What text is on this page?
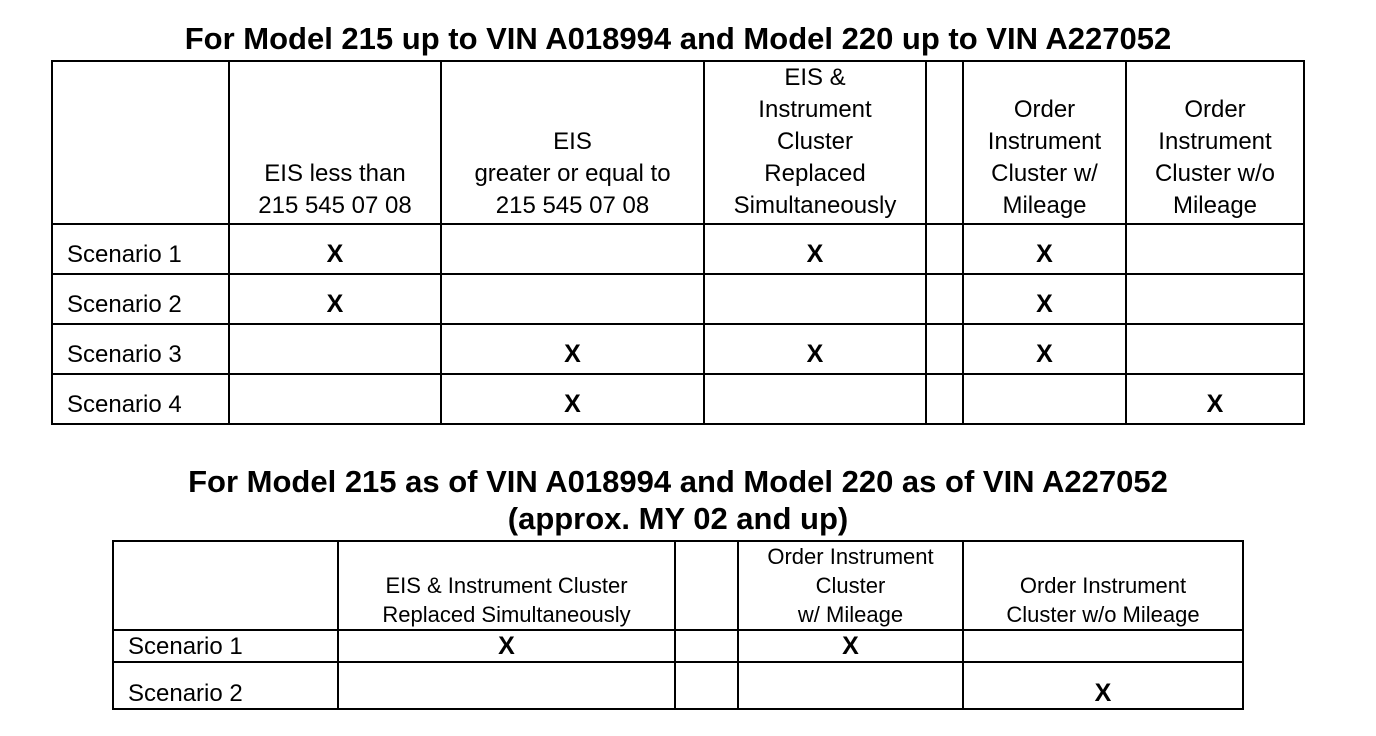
For Model 215 up to VIN A018994 and Model 220 up to VIN A227052
	EIS less than
215 545 07 08	EIS
greater or equal to
215 545 07 08	EIS &
Instrument
Cluster
Replaced
Simultaneously		Order
Instrument
Cluster w/
Mileage	Order
Instrument
Cluster w/o
Mileage
Scenario 1	X		X		X	
Scenario 2	X				X	
Scenario 3		X	X		X	
Scenario 4		X				X
For Model 215 as of VIN A018994 and Model 220 as of VIN A227052
(approx. MY 02 and up)
	EIS & Instrument Cluster
Replaced Simultaneously		Order Instrument
Cluster
w/ Mileage	Order Instrument
Cluster w/o Mileage
Scenario 1	X		X	
Scenario 2				X
